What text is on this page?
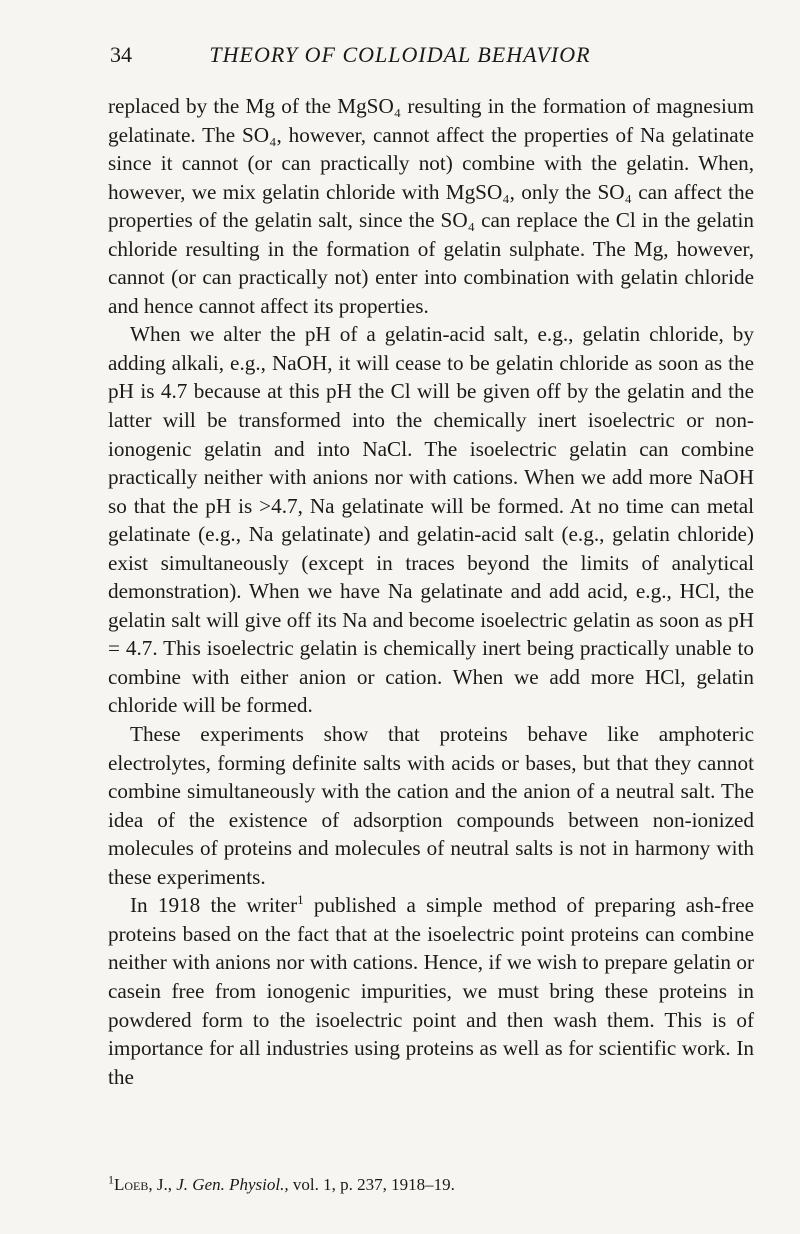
34	THEORY OF COLLOIDAL BEHAVIOR

replaced by the Mg of the MgSO₄ resulting in the formation of magnesium gelatinate. The SO₄, however, cannot affect the properties of Na gelatinate since it cannot (or can practically not) combine with the gelatin. When, however, we mix gelatin chloride with MgSO₄, only the SO₄ can affect the properties of the gelatin salt, since the SO₄ can replace the Cl in the gelatin chloride resulting in the formation of gelatin sulphate. The Mg, however, cannot (or can practically not) enter into combination with gelatin chloride and hence cannot affect its properties.

When we alter the pH of a gelatin-acid salt, e.g., gelatin chloride, by adding alkali, e.g., NaOH, it will cease to be gelatin chloride as soon as the pH is 4.7 because at this pH the Cl will be given off by the gelatin and the latter will be transformed into the chemically inert isoelectric or non-ionogenic gelatin and into NaCl. The isoelectric gelatin can combine practically neither with anions nor with cations. When we add more NaOH so that the pH is >4.7, Na gelatinate will be formed. At no time can metal gelatinate (e.g., Na gelatinate) and gelatin-acid salt (e.g., gelatin chloride) exist simultaneously (except in traces beyond the limits of analytical demonstration). When we have Na gelatinate and add acid, e.g., HCl, the gelatin salt will give off its Na and become isoelectric gelatin as soon as pH = 4.7. This isoelectric gelatin is chemically inert being practically unable to combine with either anion or cation. When we add more HCl, gelatin chloride will be formed.

These experiments show that proteins behave like amphoteric electrolytes, forming definite salts with acids or bases, but that they cannot combine simultaneously with the cation and the anion of a neutral salt. The idea of the existence of adsorption compounds between non-ionized molecules of proteins and molecules of neutral salts is not in harmony with these experiments.

In 1918 the writer$^1$ published a simple method of preparing ash-free proteins based on the fact that at the isoelectric point proteins can combine neither with anions nor with cations. Hence, if we wish to prepare gelatin or casein free from ionogenic impurities, we must bring these proteins in powdered form to the isoelectric point and then wash them. This is of importance for all industries using proteins as well as for scientific work. In the

$^1$Loeb, J., J. Gen. Physiol., vol. 1, p. 237, 1918–19.
